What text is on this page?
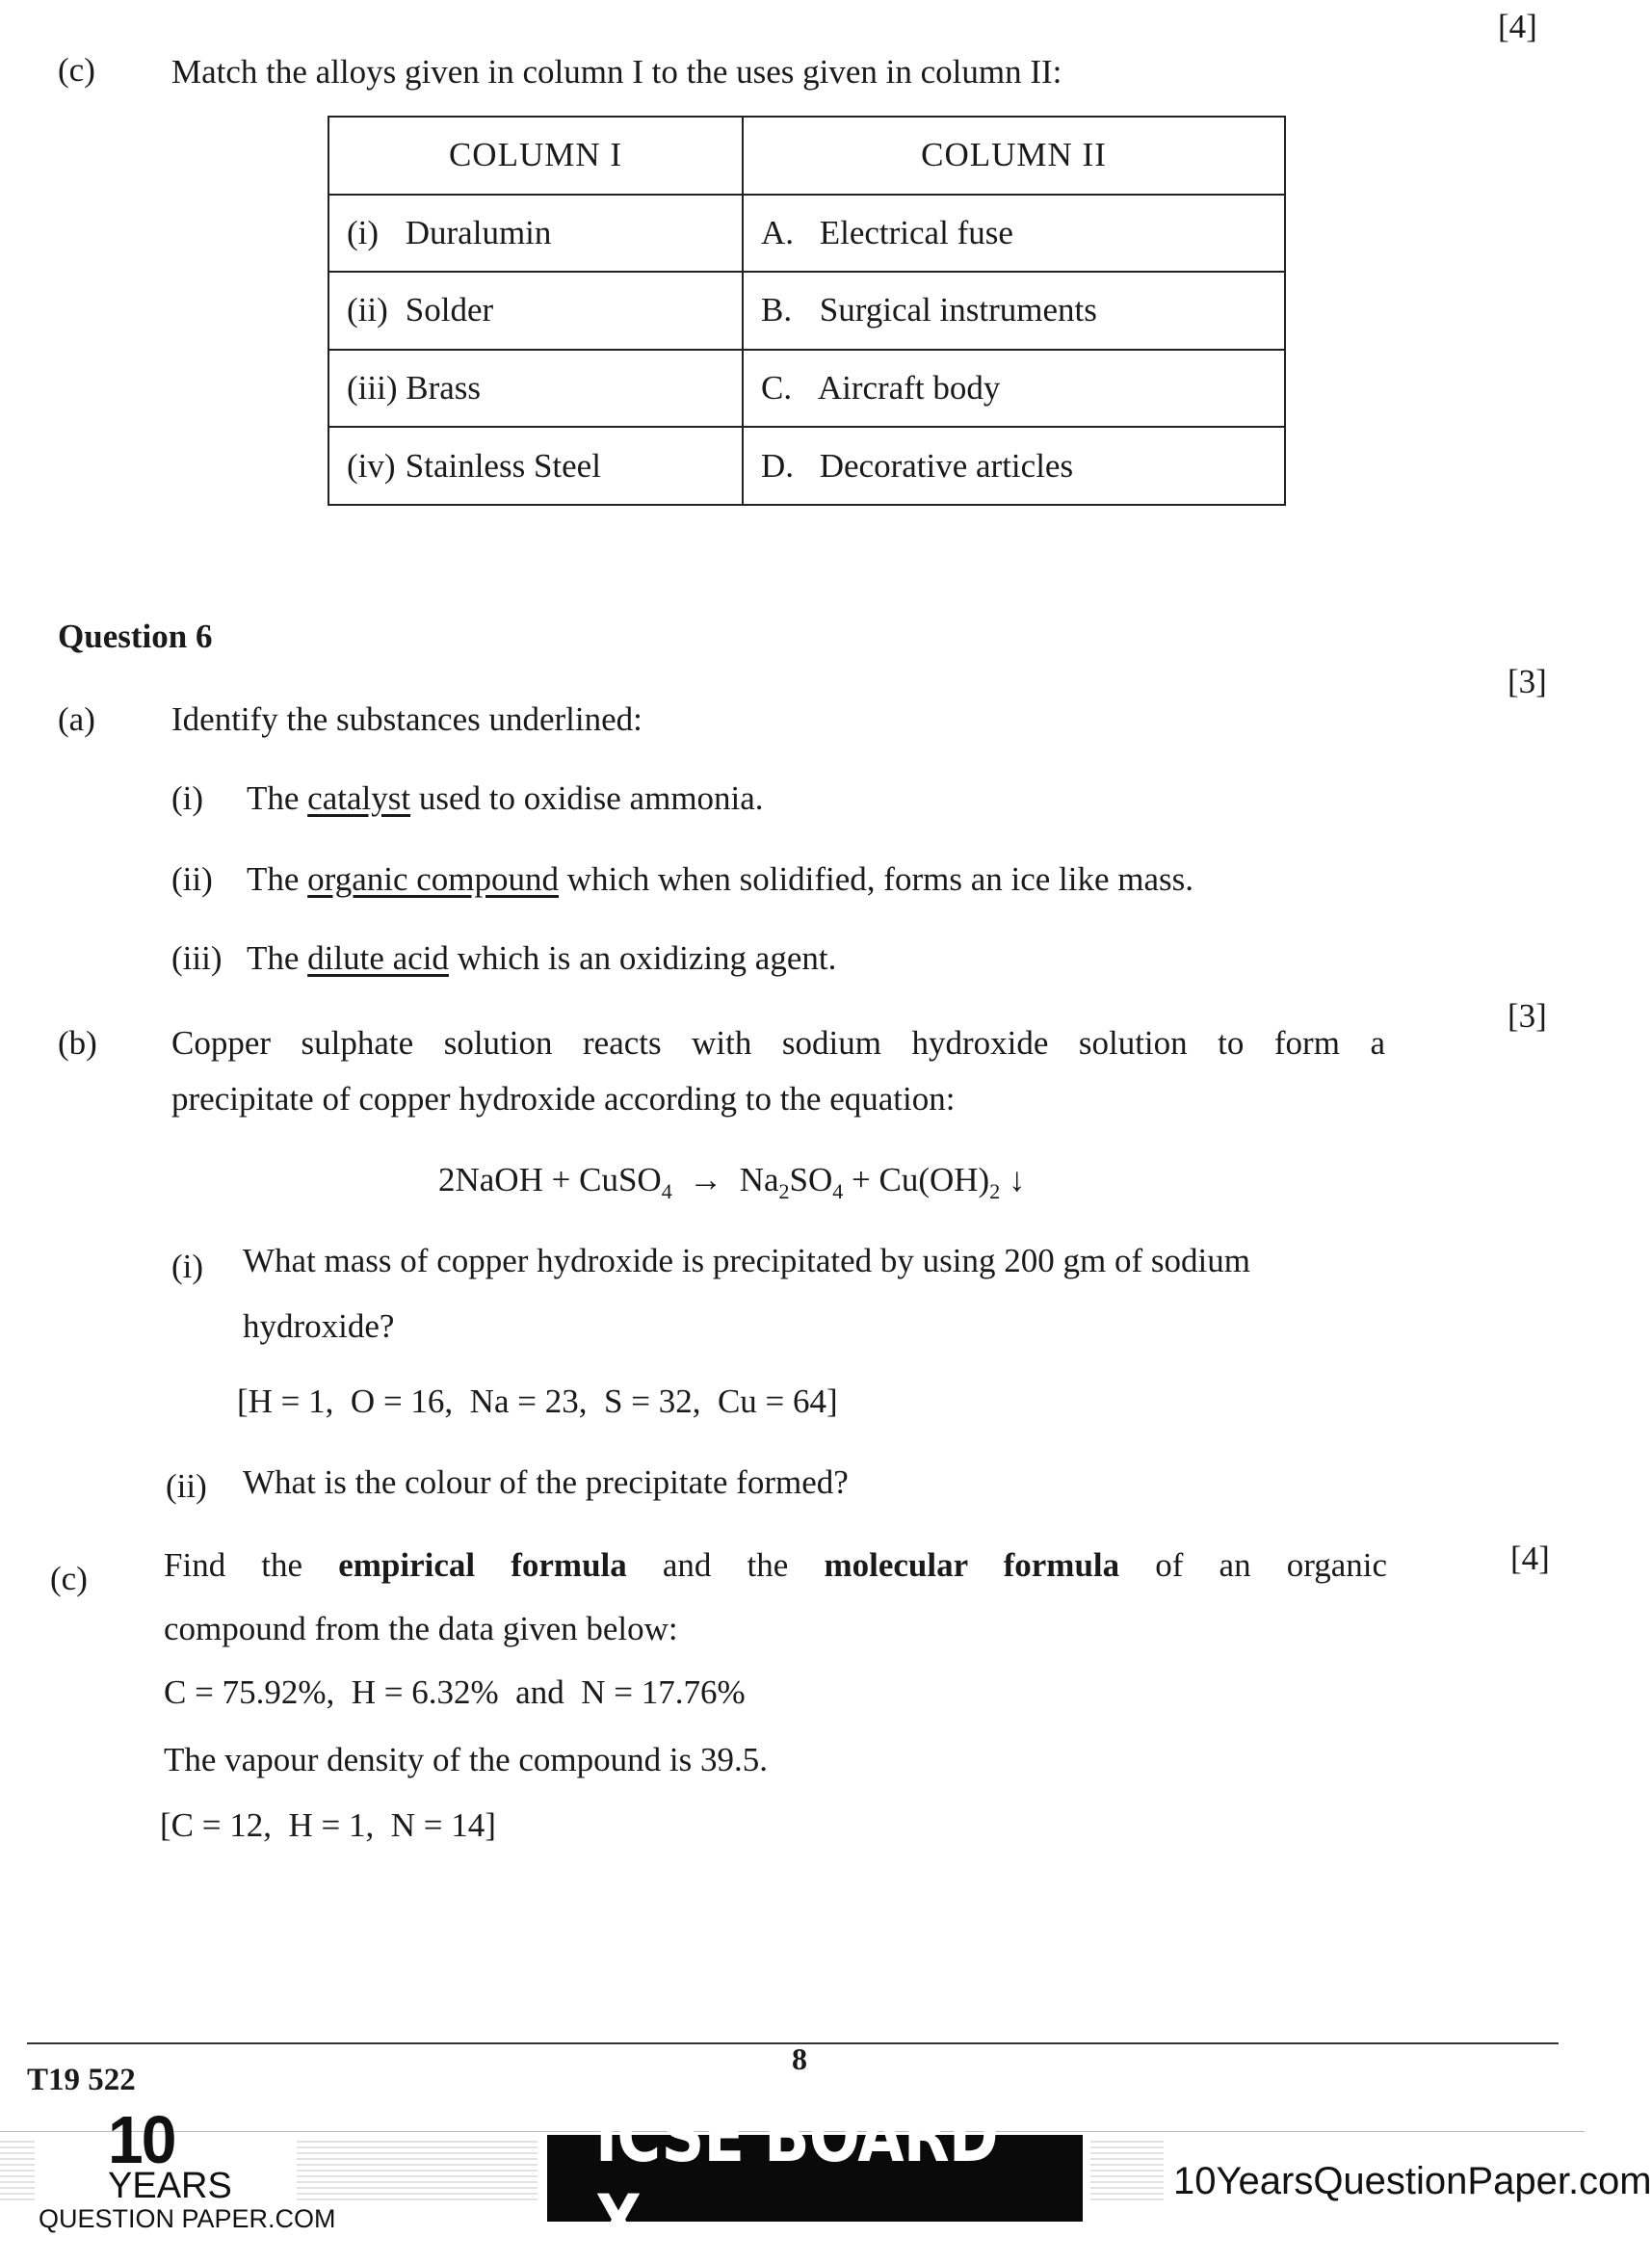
[4]
(c) Match the alloys given in column I to the uses given in column II:
COLUMN I	COLUMN II
(i) Duralumin	A. Electrical fuse
(ii) Solder	B. Surgical instruments
(iii) Brass	C. Aircraft body
(iv) Stainless Steel	D. Decorative articles
Question 6
[3]
(a) Identify the substances underlined:
(i) The catalyst used to oxidise ammonia.
(ii) The organic compound which when solidified, forms an ice like mass.
(iii) The dilute acid which is an oxidizing agent.
[3]
(b) Copper sulphate solution reacts with sodium hydroxide solution to form a
precipitate of copper hydroxide according to the equation:
2NaOH + CuSO$_4$ → $Na_2SO_4 + Cu(OH)_2$ ↓
(i) What mass of copper hydroxide is precipitated by using 200 gm of sodium
hydroxide?
[H = 1,  O = 16,  Na = 23,  S = 32,  Cu = 64]
(ii) What is the colour of the precipitate formed?
[4]
(c) Find the empirical formula and the molecular formula of an organic
compound from the data given below:
C = 75.92%,  H = 6.32%  and  N = 17.76%
The vapour density of the compound is 39.5.
[C = 12,  H = 1,  N = 14]
8
T19 522
10
YEARS
QUESTION PAPER.COM
ICSE BOARD X	10YearsQuestionPaper.com
